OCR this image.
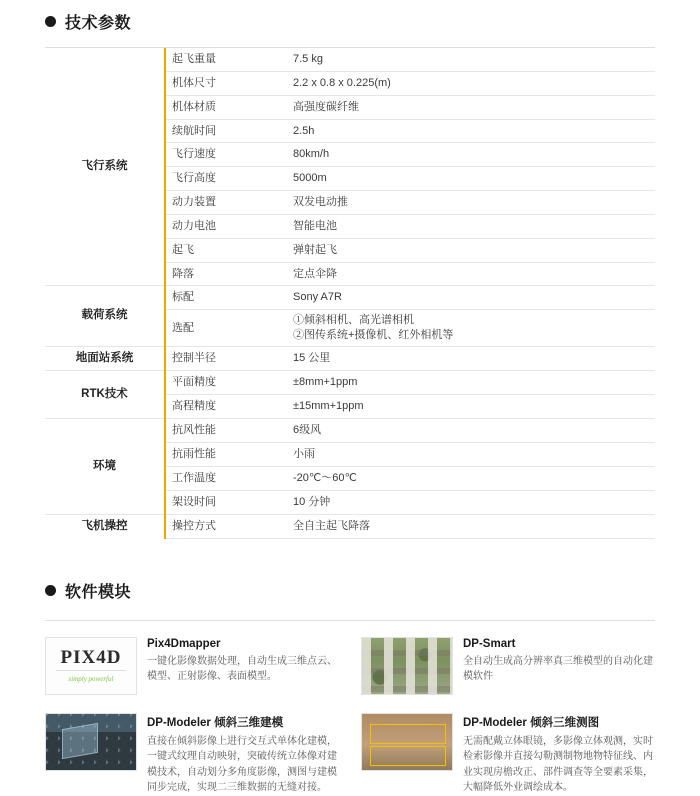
技术参数
飞行系统	起飞重量	7.5 kg
	机体尺寸	2.2 x 0.8 x 0.225(m)
	机体材质	高强度碳纤维
	续航时间	2.5h
	飞行速度	80km/h
	飞行高度	5000m
	动力装置	双发电动推
	动力电池	智能电池
	起飞	弹射起飞
	降落	定点伞降
载荷系统	标配	Sony A7R
	选配	①倾斜相机、高光谱相机
②图传系统+摄像机、红外相机等

地面站系统	控制半径	15 公里
RTK技术	平面精度	±8mm+1ppm
	高程精度	±15mm+1ppm
环境	抗风性能	6级风
	抗雨性能	小雨
	工作温度	-20℃～60℃
	架设时间	10 分钟
飞机操控	操控方式	全自主起飞降落
软件模块
PIX4D
simply powerful
Pix4Dmapper
一键化影像数据处理，自动生成三维点云、模型、正射影像、表面模型。
DP-Smart
全自动生成高分辨率真三维模型的自动化建模软件
DP-Modeler 倾斜三维建模
直接在倾斜影像上进行交互式单体化建模，一键式纹理自动映射，突破传统立体像对建模技术，自动划分多角度影像，测图与建模同步完成，实现二三维数据的无缝对接。
DP-Modeler 倾斜三维测图
无需配戴立体眼镜，多影像立体观测，实时检索影像并直接勾勒测制物地物特征线、内业实现房檐改正、部件调查等全要素采集，大幅降低外业调绘成本。
